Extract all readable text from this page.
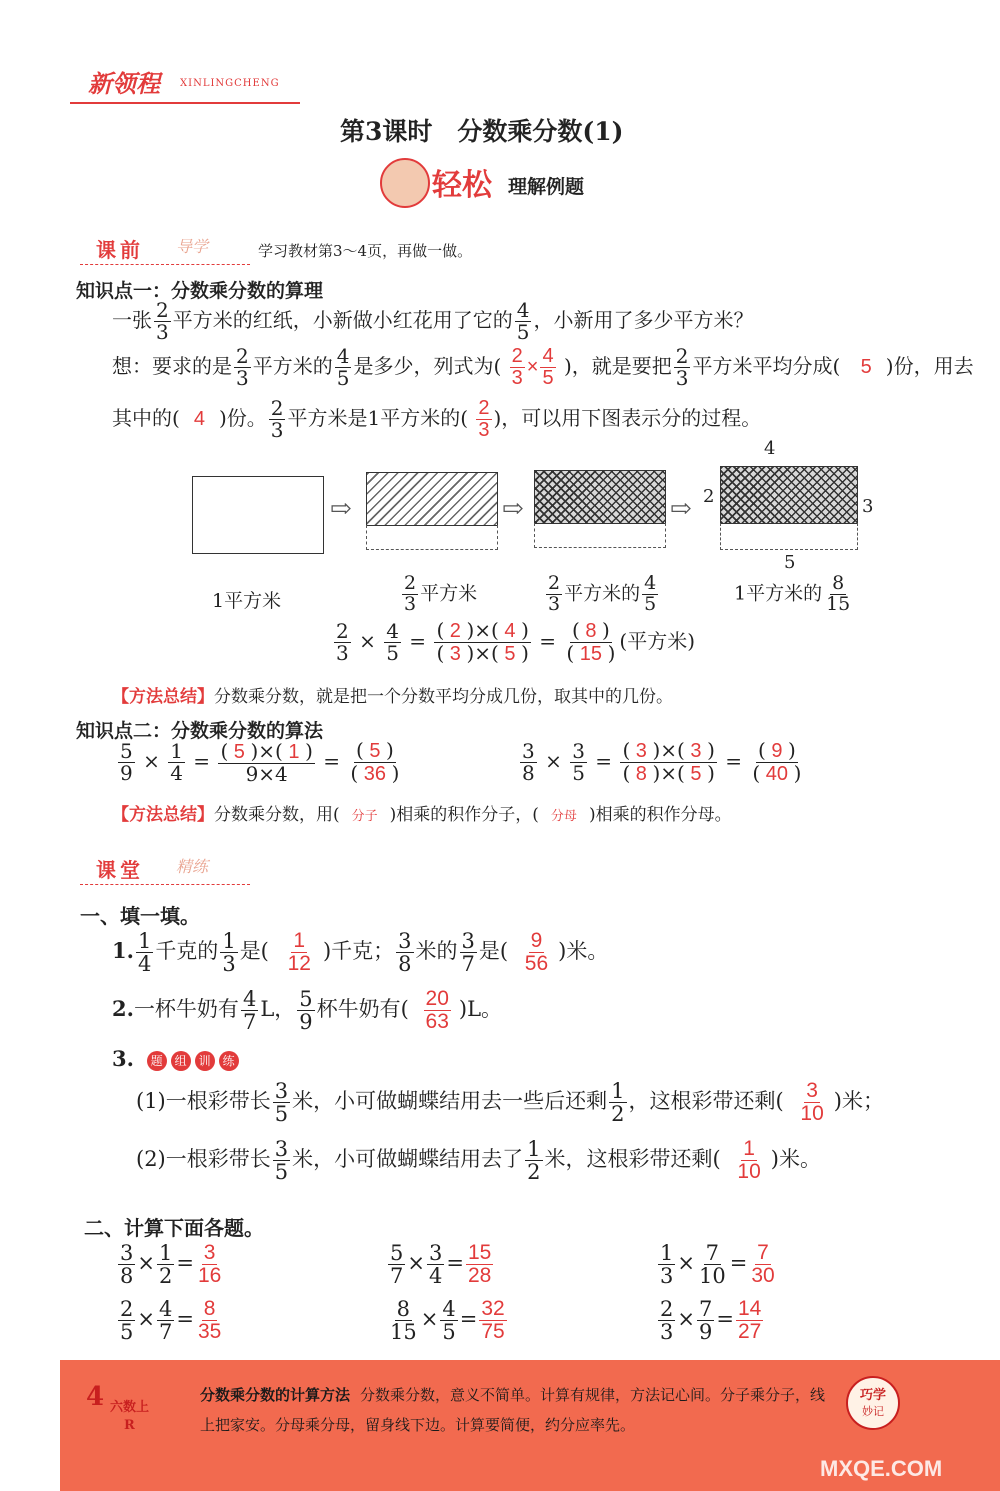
新领程 XINLINGCHENG
第3课时　分数乘分数(1)
轻松 理解例题
课前 导学	学习教材第3～4页，再做一做。
知识点一：分数乘分数的算理
一张 $\frac{2}{3}$ 平方米的红纸，小新做小红花用了它的 $\frac{4}{5}$ ，小新用了多少平方米？
想：要求的是 $\frac{2}{3}$ 平方米的 $\frac{4}{5}$ 是多少，列式为( $\frac{2}{3} \times \frac{4}{5}$ )，就是要把 $\frac{2}{3}$ 平方米平均分成( 5 )份，用去
其中的( 4 )份。 $\frac{2}{3}$ 平方米是1平方米的( $\frac{2}{3}$ )，可以用下图表示分的过程。
⇨	⇨	⇨
4
2	3
5
1平方米	$\frac{2}{3}$ 平方米	$\frac{2}{3}$ 平方米的 $\frac{4}{5}$	1平方米的 $\frac{8}{15}$
$\frac{2}{3} \times \frac{4}{5} = \frac{( 2 )\times( 4 )}{( 3 )\times( 5 )} = \frac{( 8 )}{( 15 )}$ (平方米)
【方法总结】分数乘分数，就是把一个分数平均分成几份，取其中的几份。
知识点二：分数乘分数的算法
$\frac{5}{9} \times \frac{1}{4} = \frac{( 5 )\times( 1 )}{9\times 4} = \frac{( 5 )}{( 36 )}$	$\frac{3}{8} \times \frac{3}{5} = \frac{( 3 )\times( 3 )}{( 8 )\times( 5 )} = \frac{( 9 )}{( 40 )}$
【方法总结】分数乘分数，用( 分子 )相乘的积作分子，( 分母 )相乘的积作分母。
课堂 精练
一、填一填。
1. $\frac{1}{4}$ 千克的 $\frac{1}{3}$ 是( $\frac{1}{12}$ )千克； $\frac{3}{8}$ 米的 $\frac{3}{7}$ 是( $\frac{9}{56}$ )米。
2.一杯牛奶有 $\frac{4}{7}$ L， $\frac{5}{9}$ 杯牛奶有( $\frac{20}{63} )L$。
3.	题 组 训 练
(1)一根彩带长 $\frac{3}{5}$ 米，小可做蝴蝶结用去一些后还剩 $\frac{1}{2}$ ，这根彩带还剩( $\frac{3}{10}$ )米；
(2)一根彩带长 $\frac{3}{5}$ 米，小可做蝴蝶结用去了 $\frac{1}{2}$ 米，这根彩带还剩( $\frac{1}{10}$ )米。
二、计算下面各题。
$\frac{3}{8} \times \frac{1}{2} = \frac{3}{16}$	$\frac{5}{7} \times \frac{3}{4} = \frac{15}{28}$	$\frac{1}{3} \times \frac{7}{10} = \frac{7}{30}$
$\frac{2}{5} \times \frac{4}{7} = \frac{8}{35}$	$\frac{8}{15} \times \frac{4}{5} = \frac{32}{75}$	$\frac{2}{3} \times \frac{7}{9} = \frac{14}{27}$
4 六数上
R
分数乘分数的计算方法 分数乘分数，意义不简单。计算有规律，方法记心间。分子乘分子，线上把家安。分母乘分母，留身线下边。计算要简便，约分应率先。
巧学
妙记
MXQE.COM
